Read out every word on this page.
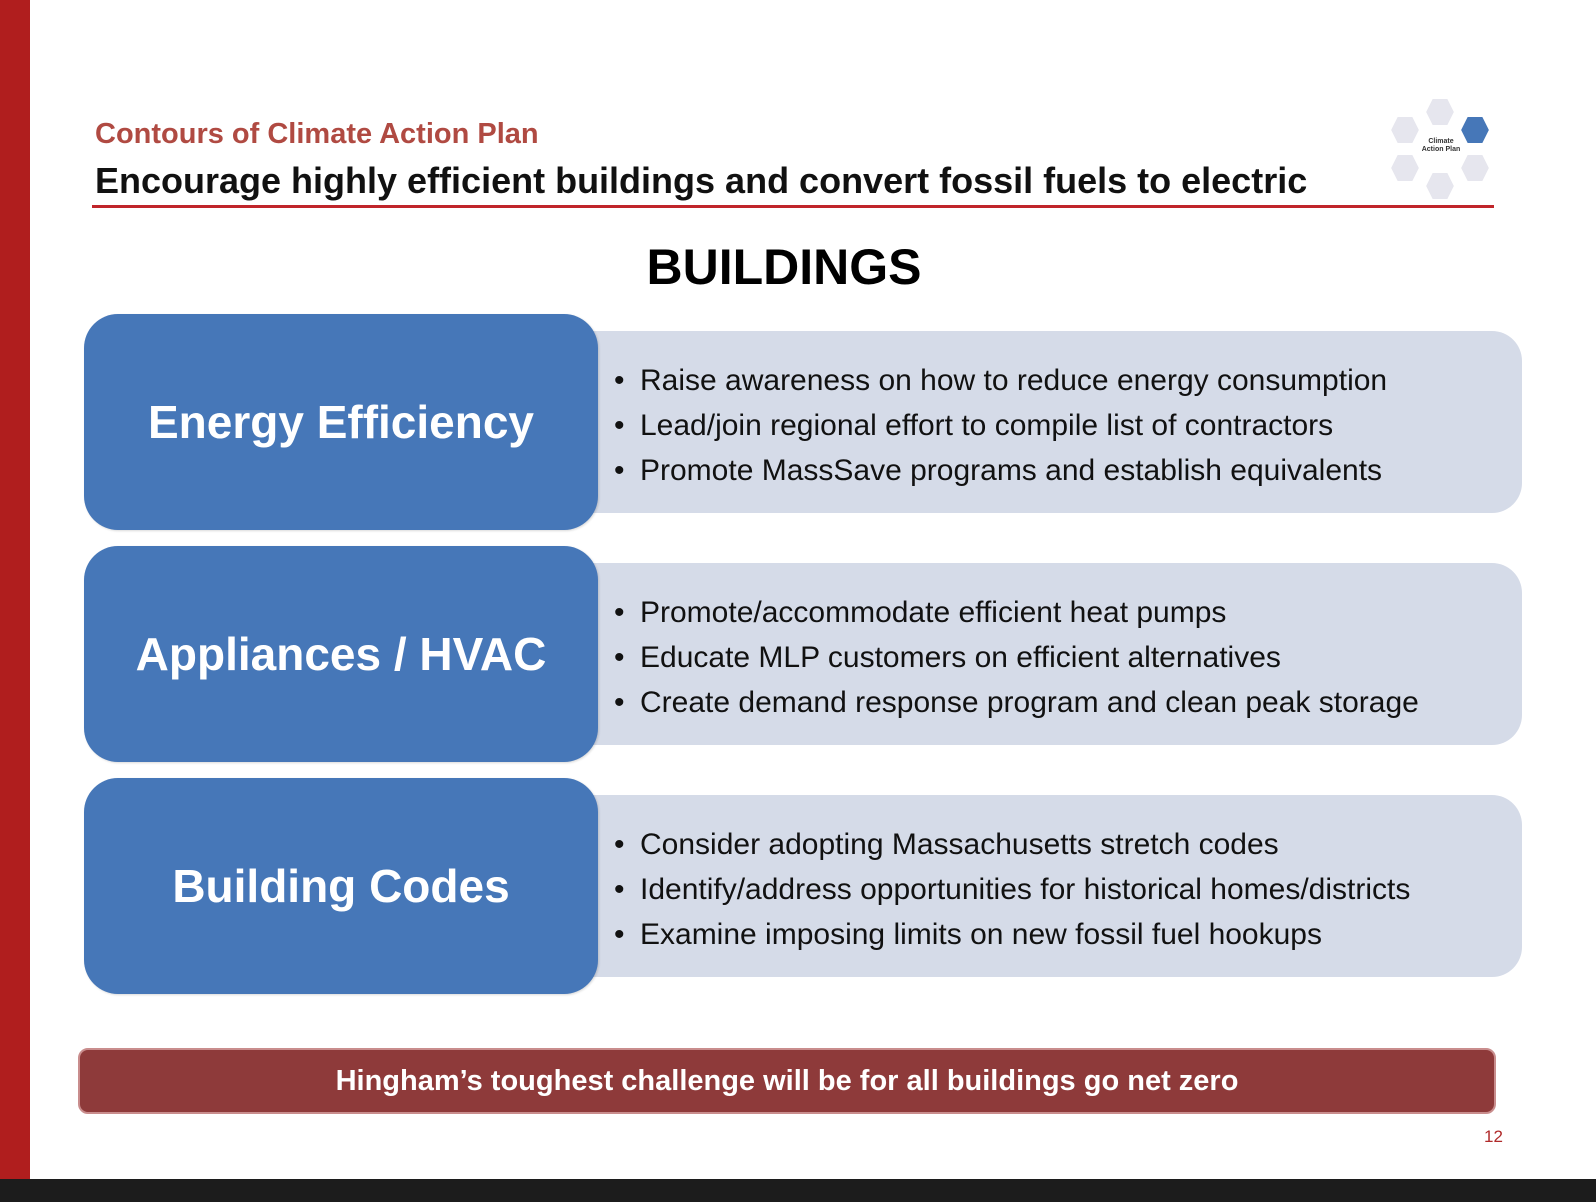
Contours of Climate Action Plan
Encourage highly efficient buildings and convert fossil fuels to electric
Climate Action Plan
BUILDINGS
Energy Efficiency
• Raise awareness on how to reduce energy consumption
• Lead/join regional effort to compile list of contractors
• Promote MassSave programs and establish equivalents
Appliances / HVAC
• Promote/accommodate efficient heat pumps
• Educate MLP customers on efficient alternatives
• Create demand response program and clean peak storage
Building Codes
• Consider adopting Massachusetts stretch codes
• Identify/address opportunities for historical homes/districts
• Examine imposing limits on new fossil fuel hookups
Hingham’s toughest challenge will be for all buildings go net zero
12
